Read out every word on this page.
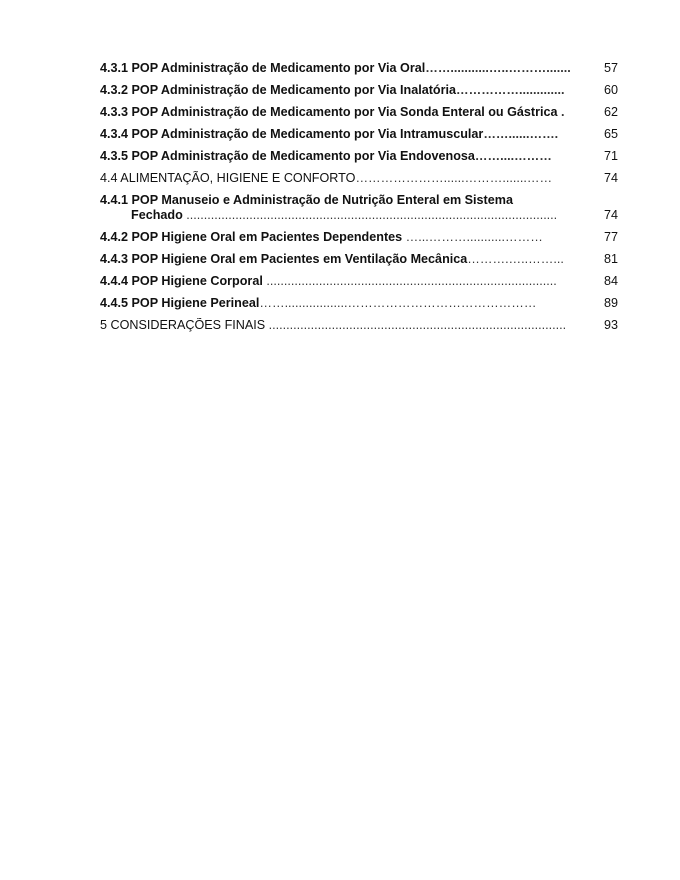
4.3.1 POP Administração de Medicamento por Via Oral……...........…..……….......	57
4.3.2 POP Administração de Medicamento por Via Inalatória…………….............	60
4.3.3 POP Administração de Medicamento por Via Sonda Enteral ou Gástrica .	62
4.3.4 POP Administração de Medicamento por Via Intramuscular……......…….	65
4.3.5 POP Administração de Medicamento por Via Endovenosa……....………	71
4.4 ALIMENTAÇÃO, HIGIENE E CONFORTO…………………......……….......……	74
4.4.1 POP Manuseio e Administração de Nutrição Enteral em Sistema
Fechado ..........................................................................................................	74
4.4.2 POP Higiene Oral em Pacientes Dependentes …...………...........………	77
4.4.3 POP Higiene Oral em Pacientes em Ventilação Mecânica……….…..……...	81
4.4.4 POP Higiene Corporal ...................................................................................	84
4.4.5 POP Higiene Perineal……..................………………………………………	89
5 CONSIDERAÇÕES FINAIS .....................................................................................	93
